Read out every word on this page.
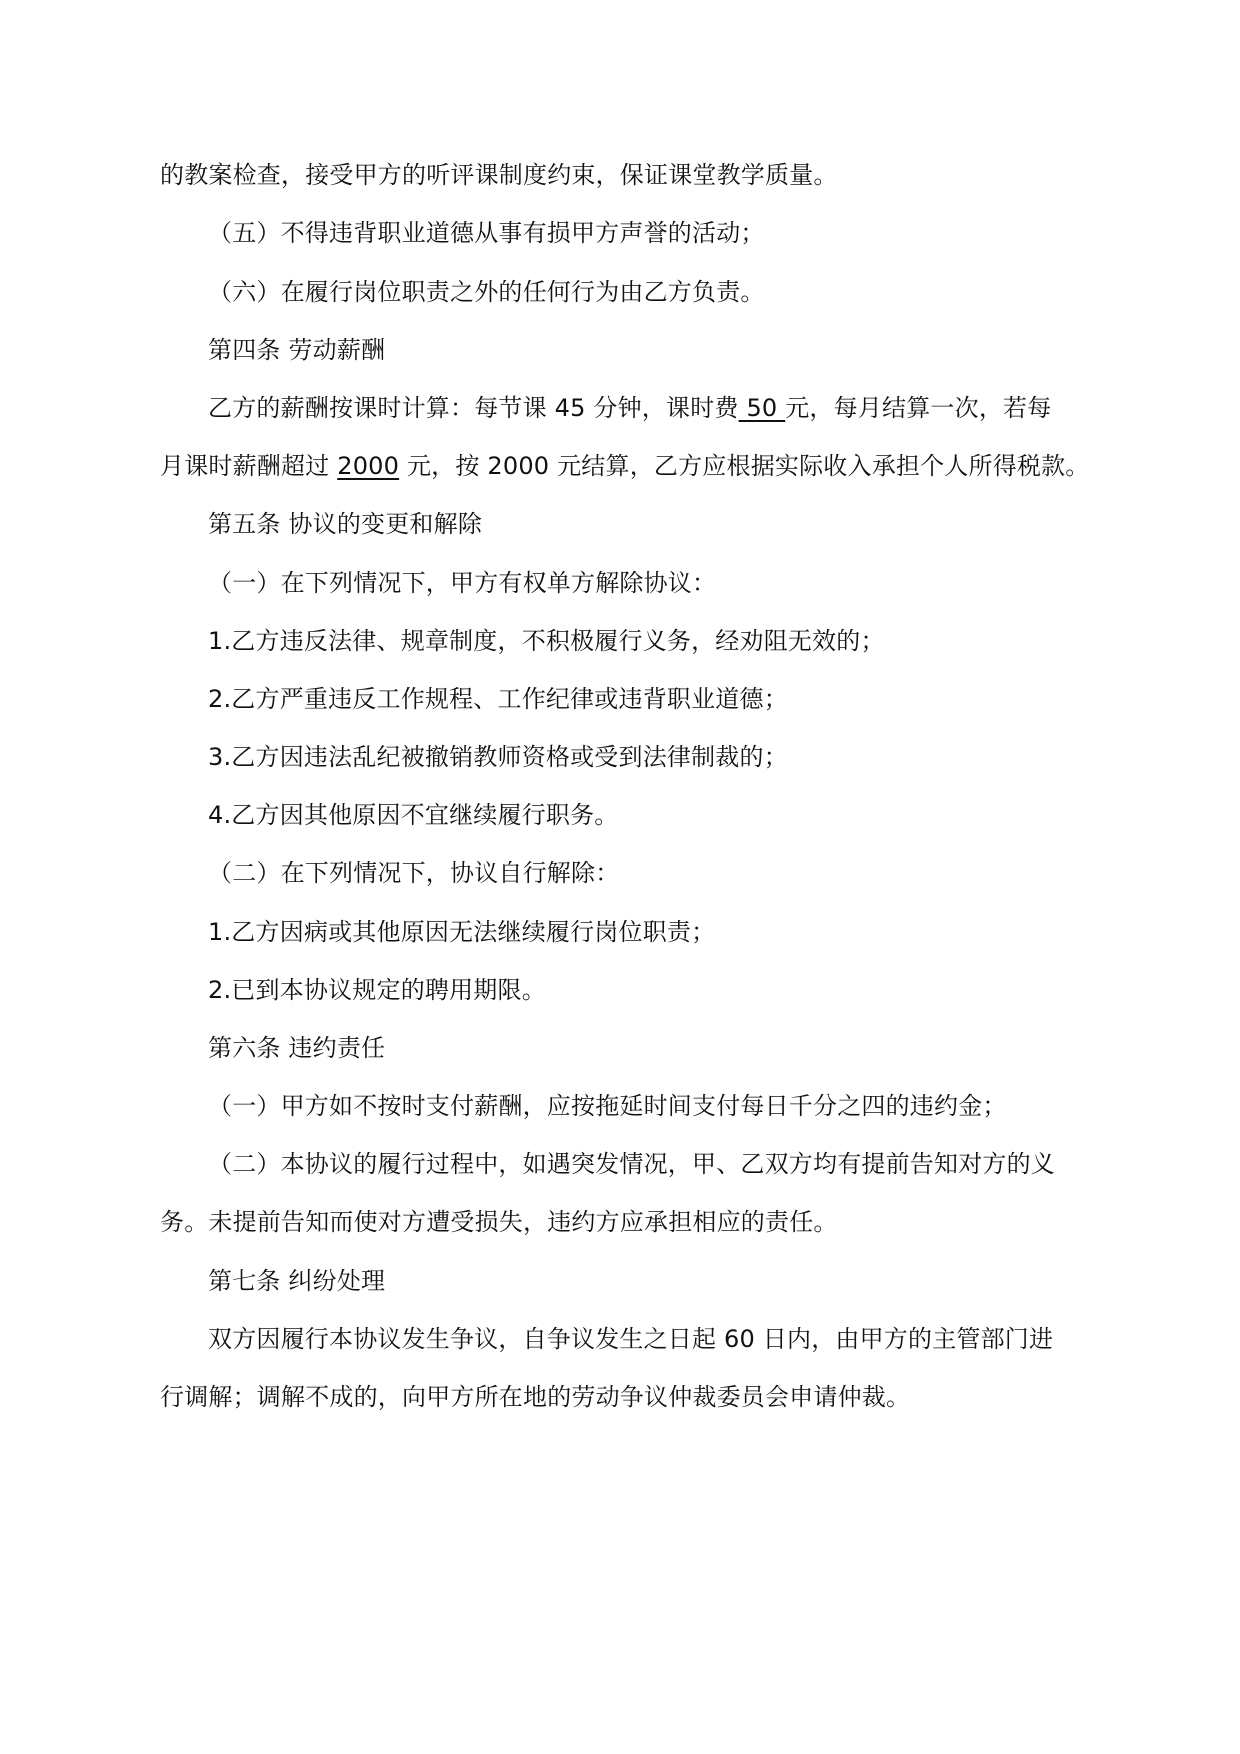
的教案检查，接受甲方的听评课制度约束，保证课堂教学质量。
（五）不得违背职业道德从事有损甲方声誉的活动；
（六）在履行岗位职责之外的任何行为由乙方负责。
第四条 劳动薪酬
乙方的薪酬按课时计算：每节课 45 分钟，课时费 50 元，每月结算一次，若每
月课时薪酬超过 2000 元，按 2000 元结算，乙方应根据实际收入承担个人所得税款。
第五条 协议的变更和解除
（一）在下列情况下，甲方有权单方解除协议：
1.乙方违反法律、规章制度，不积极履行义务，经劝阻无效的；
2.乙方严重违反工作规程、工作纪律或违背职业道德；
3.乙方因违法乱纪被撤销教师资格或受到法律制裁的；
4.乙方因其他原因不宜继续履行职务。
（二）在下列情况下，协议自行解除：
1.乙方因病或其他原因无法继续履行岗位职责；
2.已到本协议规定的聘用期限。
第六条 违约责任
（一）甲方如不按时支付薪酬，应按拖延时间支付每日千分之四的违约金；
（二）本协议的履行过程中，如遇突发情况，甲、乙双方均有提前告知对方的义
务。未提前告知而使对方遭受损失，违约方应承担相应的责任。
第七条 纠纷处理
双方因履行本协议发生争议，自争议发生之日起 60 日内，由甲方的主管部门进
行调解；调解不成的，向甲方所在地的劳动争议仲裁委员会申请仲裁。
